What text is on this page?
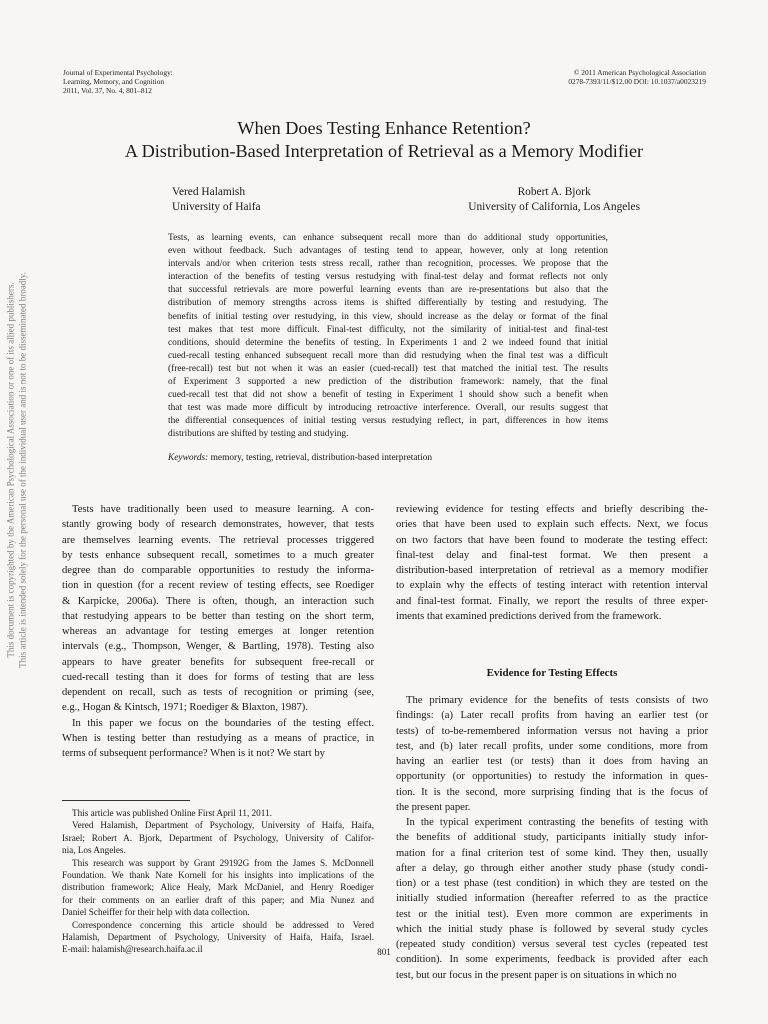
This document is copyrighted by the American Psychological Association or one of its allied publishers. This article is intended solely for the personal use of the individual user and is not to be disseminated broadly.
Journal of Experimental Psychology:
Learning, Memory, and Cognition
2011, Vol. 37, No. 4, 801–812
© 2011 American Psychological Association
0278-7393/11/$12.00 DOI: 10.1037/a0023219
When Does Testing Enhance Retention?
A Distribution-Based Interpretation of Retrieval as a Memory Modifier
Vered Halamish
University of Haifa
Robert A. Bjork
University of California, Los Angeles
Tests, as learning events, can enhance subsequent recall more than do additional study opportunities,
even without feedback. Such advantages of testing tend to appear, however, only at long retention
intervals and/or when criterion tests stress recall, rather than recognition, processes. We propose that the
interaction of the benefits of testing versus restudying with final-test delay and format reflects not only
that successful retrievals are more powerful learning events than are re-presentations but also that the
distribution of memory strengths across items is shifted differentially by testing and restudying. The
benefits of initial testing over restudying, in this view, should increase as the delay or format of the final
test makes that test more difficult. Final-test difficulty, not the similarity of initial-test and final-test
conditions, should determine the benefits of testing. In Experiments 1 and 2 we indeed found that initial
cued-recall testing enhanced subsequent recall more than did restudying when the final test was a difficult
(free-recall) test but not when it was an easier (cued-recall) test that matched the initial test. The results
of Experiment 3 supported a new prediction of the distribution framework: namely, that the final
cued-recall test that did not show a benefit of testing in Experiment 1 should show such a benefit when
that test was made more difficult by introducing retroactive interference. Overall, our results suggest that
the differential consequences of initial testing versus restudying reflect, in part, differences in how items
distributions are shifted by testing and studying.
Keywords: memory, testing, retrieval, distribution-based interpretation
Tests have traditionally been used to measure learning. A con-
stantly growing body of research demonstrates, however, that tests
are themselves learning events. The retrieval processes triggered
by tests enhance subsequent recall, sometimes to a much greater
degree than do comparable opportunities to restudy the informa-
tion in question (for a recent review of testing effects, see Roediger
& Karpicke, 2006a). There is often, though, an interaction such
that restudying appears to be better than testing on the short term,
whereas an advantage for testing emerges at longer retention
intervals (e.g., Thompson, Wenger, & Bartling, 1978). Testing also
appears to have greater benefits for subsequent free-recall or
cued-recall testing than it does for forms of testing that are less
dependent on recall, such as tests of recognition or priming (see,
e.g., Hogan & Kintsch, 1971; Roediger & Blaxton, 1987).
In this paper we focus on the boundaries of the testing effect.
When is testing better than restudying as a means of practice, in
terms of subsequent performance? When is it not? We start by
reviewing evidence for testing effects and briefly describing the-
ories that have been used to explain such effects. Next, we focus
on two factors that have been found to moderate the testing effect:
final-test delay and final-test format. We then present a
distribution-based interpretation of retrieval as a memory modifier
to explain why the effects of testing interact with retention interval
and final-test format. Finally, we report the results of three exper-
iments that examined predictions derived from the framework.
Evidence for Testing Effects
The primary evidence for the benefits of tests consists of two
findings: (a) Later recall profits from having an earlier test (or
tests) of to-be-remembered information versus not having a prior
test, and (b) later recall profits, under some conditions, more from
having an earlier test (or tests) than it does from having an
opportunity (or opportunities) to restudy the information in ques-
tion. It is the second, more surprising finding that is the focus of
the present paper.
In the typical experiment contrasting the benefits of testing with
the benefits of additional study, participants initially study infor-
mation for a final criterion test of some kind. They then, usually
after a delay, go through either another study phase (study condi-
tion) or a test phase (test condition) in which they are tested on the
initially studied information (hereafter referred to as the practice
test or the initial test). Even more common are experiments in
which the initial study phase is followed by several study cycles
(repeated study condition) versus several test cycles (repeated test
condition). In some experiments, feedback is provided after each
test, but our focus in the present paper is on situations in which no
This article was published Online First April 11, 2011.
Vered Halamish, Department of Psychology, University of Haifa, Haifa,
Israel; Robert A. Bjork, Department of Psychology, University of Califor-
nia, Los Angeles.
This research was support by Grant 29192G from the James S. McDonnell
Foundation. We thank Nate Kornell for his insights into implications of the
distribution framework; Alice Healy, Mark McDaniel, and Henry Roediger
for their comments on an earlier draft of this paper; and Mia Nunez and
Daniel Scheiffer for their help with data collection.
Correspondence concerning this article should be addressed to Vered
Halamish, Department of Psychology, University of Haifa, Haifa, Israel.
E-mail: halamish@research.haifa.ac.il	801
